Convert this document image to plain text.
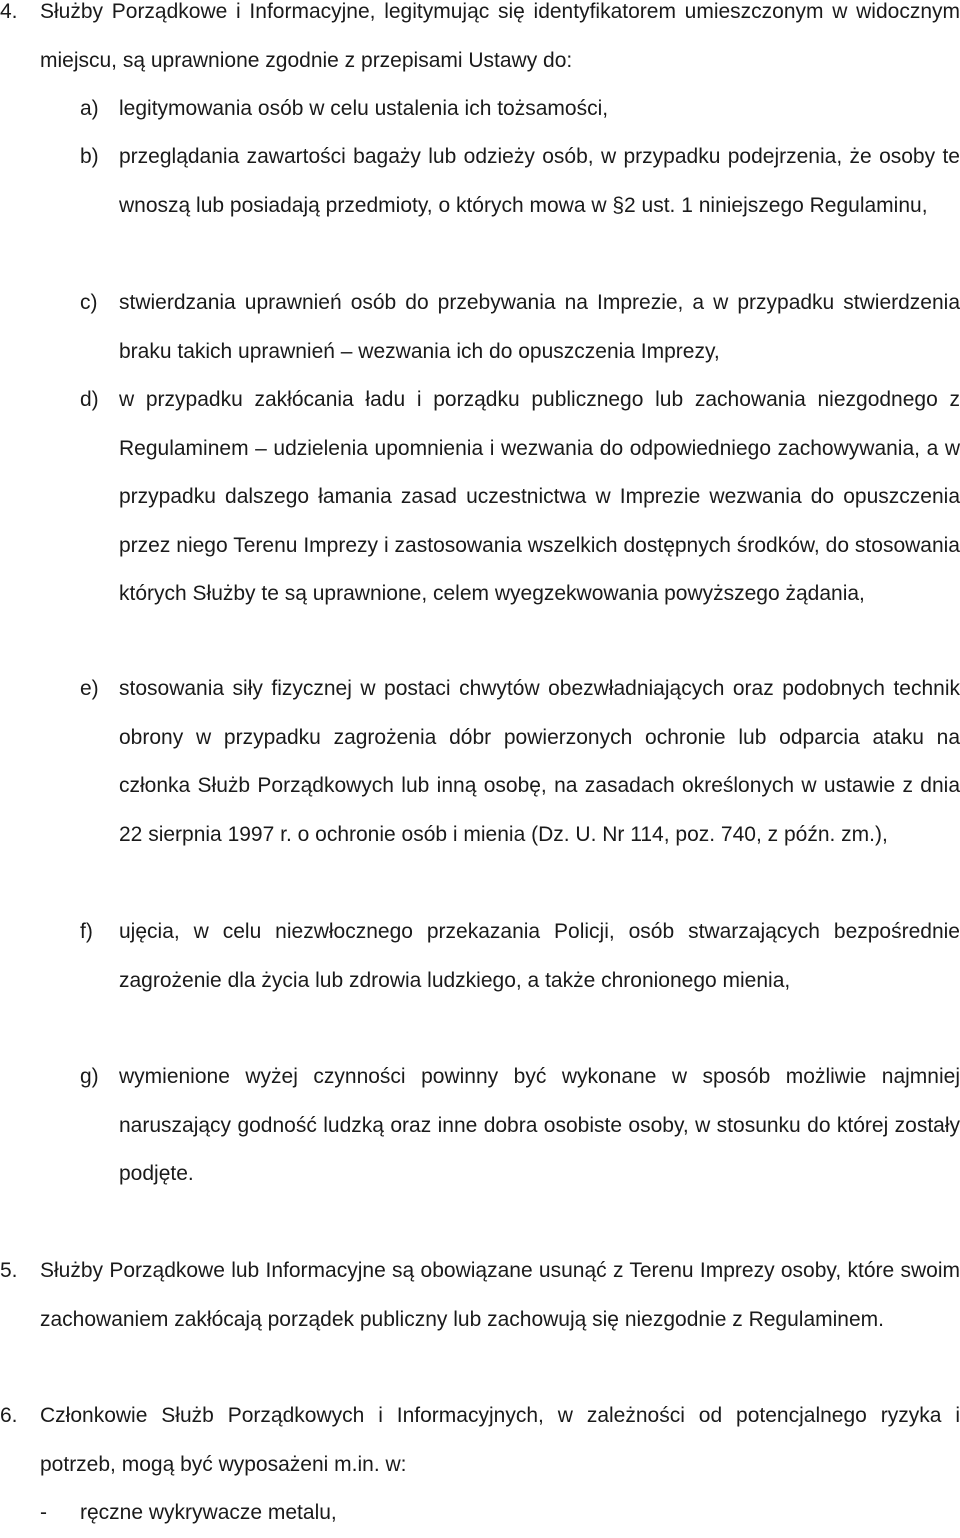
4.	Służby Porządkowe i Informacyjne, legitymując się identyfikatorem umieszczonym w widocznym miejscu, są uprawnione zgodnie z przepisami Ustawy do:
a) legitymowania osób w celu ustalenia ich tożsamości,
b) przeglądania zawartości bagaży lub odzieży osób, w przypadku podejrzenia, że osoby te wnoszą lub posiadają przedmioty, o których mowa w §2 ust. 1 niniejszego Regulaminu,
c)	stwierdzania uprawnień osób do przebywania na Imprezie, a w przypadku stwierdzenia braku takich uprawnień – wezwania ich do opuszczenia Imprezy,
d) w przypadku zakłócania ładu i porządku publicznego lub zachowania niezgodnego z Regulaminem – udzielenia upomnienia i wezwania do odpowiedniego zachowywania, a w przypadku dalszego łamania zasad uczestnictwa w Imprezie wezwania do opuszczenia przez niego Terenu Imprezy i zastosowania wszelkich dostępnych środków, do stosowania których Służby te są uprawnione, celem wyegzekwowania powyższego żądania,
e) stosowania siły fizycznej w postaci chwytów obezwładniających oraz podobnych technik obrony w przypadku zagrożenia dóbr powierzonych ochronie lub odparcia ataku na członka Służb Porządkowych lub inną osobę, na zasadach określonych w ustawie z dnia 22 sierpnia 1997 r. o ochronie osób i mienia (Dz. U. Nr 114, poz. 740, z późn. zm.),
f)	ujęcia, w celu niezwłocznego przekazania Policji, osób stwarzających bezpośrednie zagrożenie dla życia lub zdrowia ludzkiego, a także chronionego mienia,
g) wymienione wyżej czynności powinny być wykonane w sposób możliwie najmniej naruszający godność ludzką oraz inne dobra osobiste osoby, w stosunku do której zostały podjęte.
5.	Służby Porządkowe lub Informacyjne są obowiązane usunąć z Terenu Imprezy osoby, które swoim zachowaniem zakłócają porządek publiczny lub zachowują się niezgodnie z Regulaminem.
6.	Członkowie Służb Porządkowych i Informacyjnych, w zależności od potencjalnego ryzyka i potrzeb, mogą być wyposażeni m.in. w:
- ręczne wykrywacze metalu,
